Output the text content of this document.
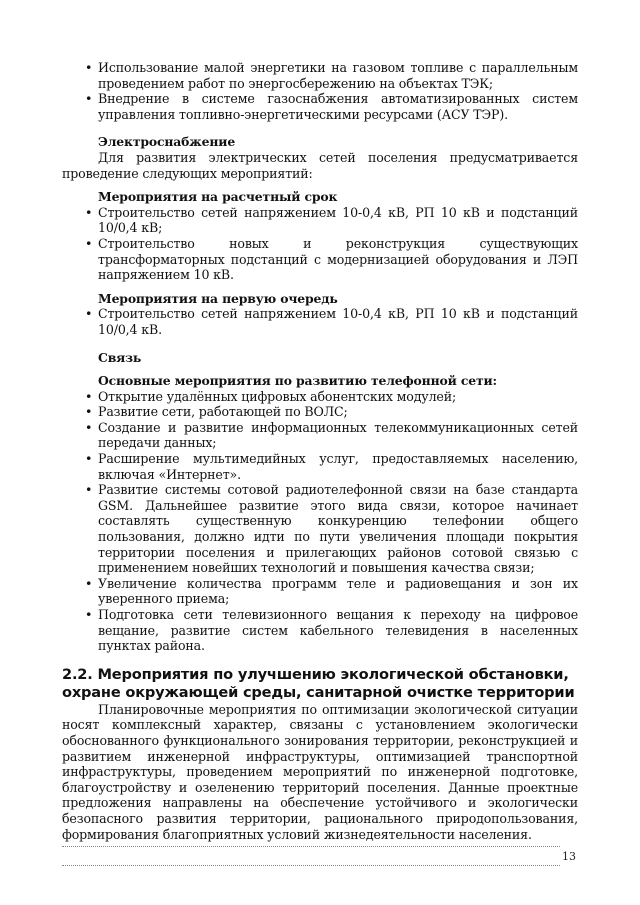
• Использование малой энергетики на газовом топливе с параллельным проведением работ по энергосбережению на объектах ТЭК;
• Внедрение в системе газоснабжения автоматизированных систем управления топливно-энергетическими ресурсами (АСУ ТЭР).
Электроснабжение
Для развития электрических сетей поселения предусматривается проведение следующих мероприятий:
Мероприятия на расчетный срок
• Строительство сетей напряжением 10-0,4 кВ, РП 10 кВ и подстанций 10/0,4 кВ;
• Строительство новых и реконструкция существующих трансформаторных подстанций с модернизацией оборудования и ЛЭП напряжением 10 кВ.
Мероприятия на первую очередь
• Строительство сетей напряжением 10-0,4 кВ, РП 10 кВ и подстанций 10/0,4 кВ.
Связь
Основные мероприятия по развитию телефонной сети:
• Открытие удалённых цифровых абонентских модулей;
• Развитие сети, работающей по ВОЛС;
• Создание и развитие информационных телекоммуникационных сетей передачи данных;
• Расширение мультимедийных услуг, предоставляемых населению, включая «Интернет».
• Развитие системы сотовой радиотелефонной связи на базе стандарта GSM. Дальнейшее развитие этого вида связи, которое начинает составлять существенную конкуренцию телефонии общего пользования, должно идти по пути увеличения площади покрытия территории поселения и прилегающих районов сотовой связью с применением новейших технологий и повышения качества связи;
• Увеличение количества программ теле и радиовещания и зон их уверенного приема;
• Подготовка сети телевизионного вещания к переходу на цифровое вещание, развитие систем кабельного телевидения в населенных пунктах района.
2.2. Мероприятия по улучшению экологической обстановки, охране окружающей среды, санитарной очистке территории
Планировочные мероприятия по оптимизации экологической ситуации носят комплексный характер, связаны с установлением экологически обоснованного функционального зонирования территории, реконструкцией и развитием инженерной инфраструктуры, оптимизацией транспортной инфраструктуры, проведением мероприятий по инженерной подготовке, благоустройству и озеленению территорий поселения. Данные проектные предложения направлены на обеспечение устойчивого и экологически безопасного развития территории, рационального природопользования, формирования благоприятных условий жизнедеятельности населения.
13
